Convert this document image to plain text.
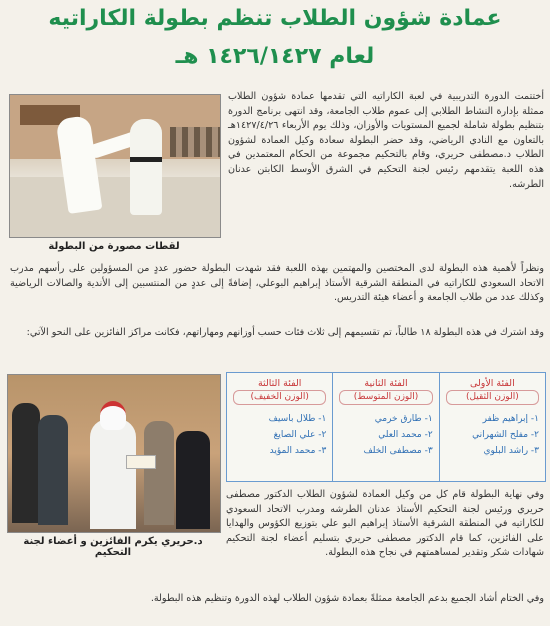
عمادة شؤون الطلاب تنظم بطولة الكاراتيه
لعام ١٤٢٦/١٤٢٧ هـ
لقطات مصورة من البطولة
أختتمت الدورة التدريبية في لعبة الكاراتيه التي تقدمها عمادة شؤون الطلاب ممثلة بإدارة النشاط الطلابي إلى عموم طلاب الجامعة، وقد انتهى برنامج الدورة بتنظيم بطولة شاملة لجميع المستويات والأوزان، وذلك يوم الأربعاء ١٤٢٧/٤/٢٦هـ بالتعاون مع النادي الرياضي، وقد حضر البطولة سعادة وكيل العمادة لشؤون الطلاب د.مصطفى حريري، وقام بالتحكيم مجموعة من الحكام المعتمدين في هذه اللعبة يتقدمهم رئيس لجنة التحكيم في الشرق الأوسط الكابتن عدنان الطرشه.
ونظراً لأهمية هذه البطولة لدى المختصين والمهتمين بهذه اللعبة فقد شهدت البطولة حضور عددٍ من المسؤولين على رأسهم مدرب الاتحاد السعودي للكاراتيه في المنطقة الشرقية الأستاذ إبراهيم البوعلي، إضافةً إلى عددٍ من المنتسبين إلى الأندية والصالات الرياضية وكذلك عدد من طلاب الجامعة و أعضاء هيئة التدريس.
وقد اشترك في هذه البطولة ١٨ طالباً، تم تقسيمهم إلى ثلاث فئات حسب أوزانهم ومهاراتهم، فكانت مراكز الفائزين على النحو الآتي:
الفئة الأولى
(الوزن الثقيل)
١- إبراهيم ظفر
٢- مفلح الشهراني
٣- راشد البلوي
الفئة الثانية
(الوزن المتوسط)
١- طارق خرمي
٢- محمد العلي
٣- مصطفى الخلف
الفئة الثالثة
(الوزن الخفيف)
١- طلال باسيف
٢- علي الصايغ
٣- محمد المؤيد
د.حريري يكرم الفائزين و أعضاء لجنة التحكيم
وفي نهاية البطولة قام كل من وكيل العمادة لشؤون الطلاب الدكتور مصطفى حريري ورئيس لجنة التحكيم الأستاذ عدنان الطرشه ومدرب الاتحاد السعودي للكاراتيه في المنطقة الشرقية الأستاذ إبراهيم البو علي بتوزيع الكؤوس والهدايا على الفائزين، كما قام الدكتور مصطفى حريري بتسليم أعضاء لجنة التحكيم شهادات شكر وتقدير لمساهمتهم في نجاح هذه البطولة.
وفي الختام أشاد الجميع بدعم الجامعة ممثلةً بعمادة شؤون الطلاب لهذه الدورة وتنظيم هذه البطولة.
